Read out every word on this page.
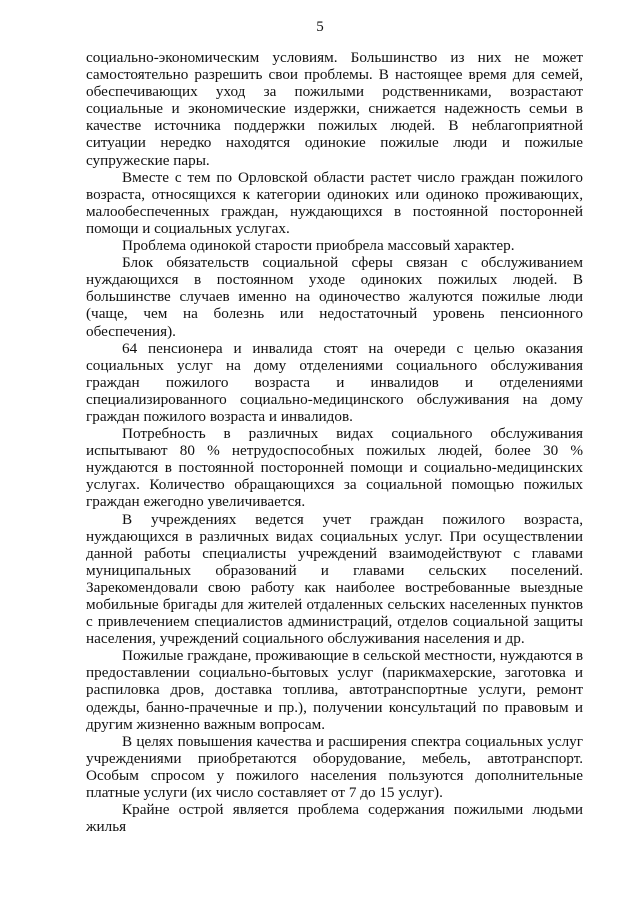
5

социально-экономическим условиям. Большинство из них не может самостоятельно разрешить свои проблемы. В настоящее время для семей, обеспечивающих уход за пожилыми родственниками, возрастают социальные и экономические издержки, снижается надежность семьи в качестве источника поддержки пожилых людей. В неблагоприятной ситуации нередко находятся одинокие пожилые люди и пожилые супружеские пары.

Вместе с тем по Орловской области растет число граждан пожилого возраста, относящихся к категории одиноких или одиноко проживающих, малообеспеченных граждан, нуждающихся в постоянной посторонней помощи и социальных услугах.

Проблема одинокой старости приобрела массовый характер.

Блок обязательств социальной сферы связан с обслуживанием нуждающихся в постоянном уходе одиноких пожилых людей. В большинстве случаев именно на одиночество жалуются пожилые люди (чаще, чем на болезнь или недостаточный уровень пенсионного обеспечения).

64 пенсионера и инвалида стоят на очереди с целью оказания социальных услуг на дому отделениями социального обслуживания граждан пожилого возраста и инвалидов и отделениями специализированного социально-медицинского обслуживания на дому граждан пожилого возраста и инвалидов.

Потребность в различных видах социального обслуживания испытывают 80 % нетрудоспособных пожилых людей, более 30 % нуждаются в постоянной посторонней помощи и социально-медицинских услугах. Количество обращающихся за социальной помощью пожилых граждан ежегодно увеличивается.

В учреждениях ведется учет граждан пожилого возраста, нуждающихся в различных видах социальных услуг. При осуществлении данной работы специалисты учреждений взаимодействуют с главами муниципальных образований и главами сельских поселений. Зарекомендовали свою работу как наиболее востребованные выездные мобильные бригады для жителей отдаленных сельских населенных пунктов с привлечением специалистов администраций, отделов социальной защиты населения, учреждений социального обслуживания населения и др.

Пожилые граждане, проживающие в сельской местности, нуждаются в предоставлении социально-бытовых услуг (парикмахерские, заготовка и распиловка дров, доставка топлива, автотранспортные услуги, ремонт одежды, банно-прачечные и пр.), получении консультаций по правовым и другим жизненно важным вопросам.

В целях повышения качества и расширения спектра социальных услуг учреждениями приобретаются оборудование, мебель, автотранспорт. Особым спросом у пожилого населения пользуются дополнительные платные услуги (их число составляет от 7 до 15 услуг).

Крайне острой является проблема содержания пожилыми людьми жилья
